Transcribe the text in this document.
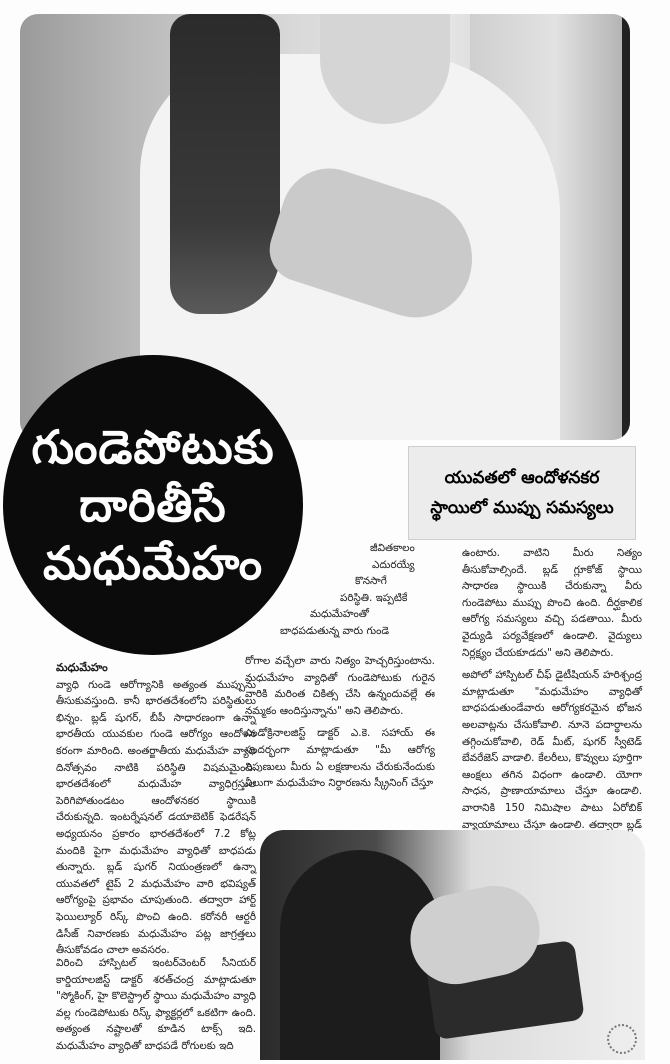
గుండెపోటుకు
దారితీసే
మధుమేహం
యువతలో ఆందోళనకర
స్థాయిలో ముప్పు సమస్యలు

జీవితకాలం

ఎదురయ్యే

కొనసాగే

పరిస్థితి. ఇప్పటికే

మధుమేహంతో

బాధపడుతున్న వారు గుండె

మధుమేహం

వ్యాధి గుండె ఆరోగ్యానికి అత్యంత ముప్పును తీసుకువస్తుంది. కానీ భారతదేశంలోని పరిస్థితులు భిన్నం. బ్లడ్‌ షుగర్‌, బీపీ సాధారణంగా ఉన్నా భారతీయ యువకుల గుండె ఆరోగ్యం ఆందోళన కరంగా మారింది. అంతర్జాతీయ మధుమేహ వ్యాధి దినోత్సవం నాటికి పరిస్థితి విషమమైంది. భారతదేశంలో మధుమేహ వ్యాధిగ్రస్తుల పెరిగిపోతుండటం ఆందోళనకర స్థాయికి చేరుకున్నది. ఇంటర్నేషనల్‌ డయాబెటిక్‌ ఫెడరేషన్‌ అధ్యయనం ప్రకారం భారతదేశంలో 7.2 కోట్ల మందికి పైగా మధుమేహం వ్యాధితో బాధపడు తున్నారు. బ్లడ్‌ షుగర్‌ నియంత్రణలో ఉన్నా యువతలో టైప్‌ 2 మధుమేహం వారి భవిష్యత్‌ ఆరోగ్యంపై ప్రభావం చూపుతుంది. తద్వారా హార్ట్‌ ఫెయిల్యూర్‌ రిస్క్‌ పొంచి ఉంది. కరోనరీ ఆర్టరీ డిసీజ్‌ నివారణకు మధుమేహం పట్ల జాగ్రత్తలు తీసుకోవడం చాలా అవసరం.

విరించి హాస్పిటల్‌ ఇంటర్‌వెంటర్‌ సీనియర్‌ కార్డియాలజిస్ట్‌ డాక్టర్‌ శరత్‌చంద్ర మాట్లాడుతూ "స్మోకింగ్‌, హై కొలెస్ట్రాల్‌ స్థాయి మధుమేహం వ్యాధి వల్ల గుండెపోటుకు రిస్క్‌ ఫ్యాక్టర్లలో ఒకటిగా ఉంది. అత్యంత నష్టాలతో కూడిన టాక్స్‌ ఇది. మధుమేహం వ్యాధితో బాధపడే రోగులకు ఇది

రోగాల వచ్చేలా వారు నిత్యం హెచ్చరిస్తుంటాను. మధుమేహం వ్యాధితో గుండెపోటుకు గురైన వారికి మరింత చికిత్స చేసి ఉన్నందువల్లే ఈ నమ్మకం ఆందిస్తున్నాను" అని తెలిపారు.

ఎండోక్రినాలజిస్ట్‌ డాక్టర్‌ ఎ.కె. సహాయ్‌ ఈ సందర్భంగా మాట్లాడుతూ "మీ ఆరోగ్య నిపుణులు మీరు ఏ లక్షణాలను చేరుకునేందుకు వీలుగా మధుమేహం నిర్ధారణను స్క్రీనింగ్‌ చేస్తూ

ఉంటారు. వాటిని మీరు నిత్యం తీసుకోవాల్సిందే. బ్లడ్‌ గ్లూకోజ్‌ స్థాయి సాధారణ స్థాయికి చేరుకున్నా వీరు గుండెపోటు ముప్పు పొంచి ఉంది. దీర్ఘకాలిక ఆరోగ్య సమస్యలు వచ్చి పడతాయి. మీరు వైద్యుడి పర్యవేక్షణలో ఉండాలి. వైద్యులు నిర్లక్ష్యం చేయకూడదు" అని తెలిపారు.

అపోలో హాస్పిటల్‌ చీఫ్‌ డైటీషియన్‌ హరిశ్చంద్ర మాట్లాడుతూ "మధుమేహం వ్యాధితో బాధపడుతుండేవారు ఆరోగ్యకరమైన భోజన అలవాట్లను చేసుకోవాలి. నూనె పదార్థాలను తగ్గించుకోవాలి, రెడ్‌ మీట్‌, షుగర్‌ స్వీటెడ్‌ బేవరేజెస్‌ వాడాలి. కేలరీలు, కొవ్వులు పూర్తిగా ఆంక్షలు తగిన విధంగా ఉండాలి. యోగా సాధన, ప్రాణాయామాలు చేస్తూ ఉండాలి. వారానికి 150 నిమిషాల పాటు ఏరోబిక్‌ వ్యాయామాలు చేస్తూ ఉండాలి. తద్వారా బ్లడ్‌
